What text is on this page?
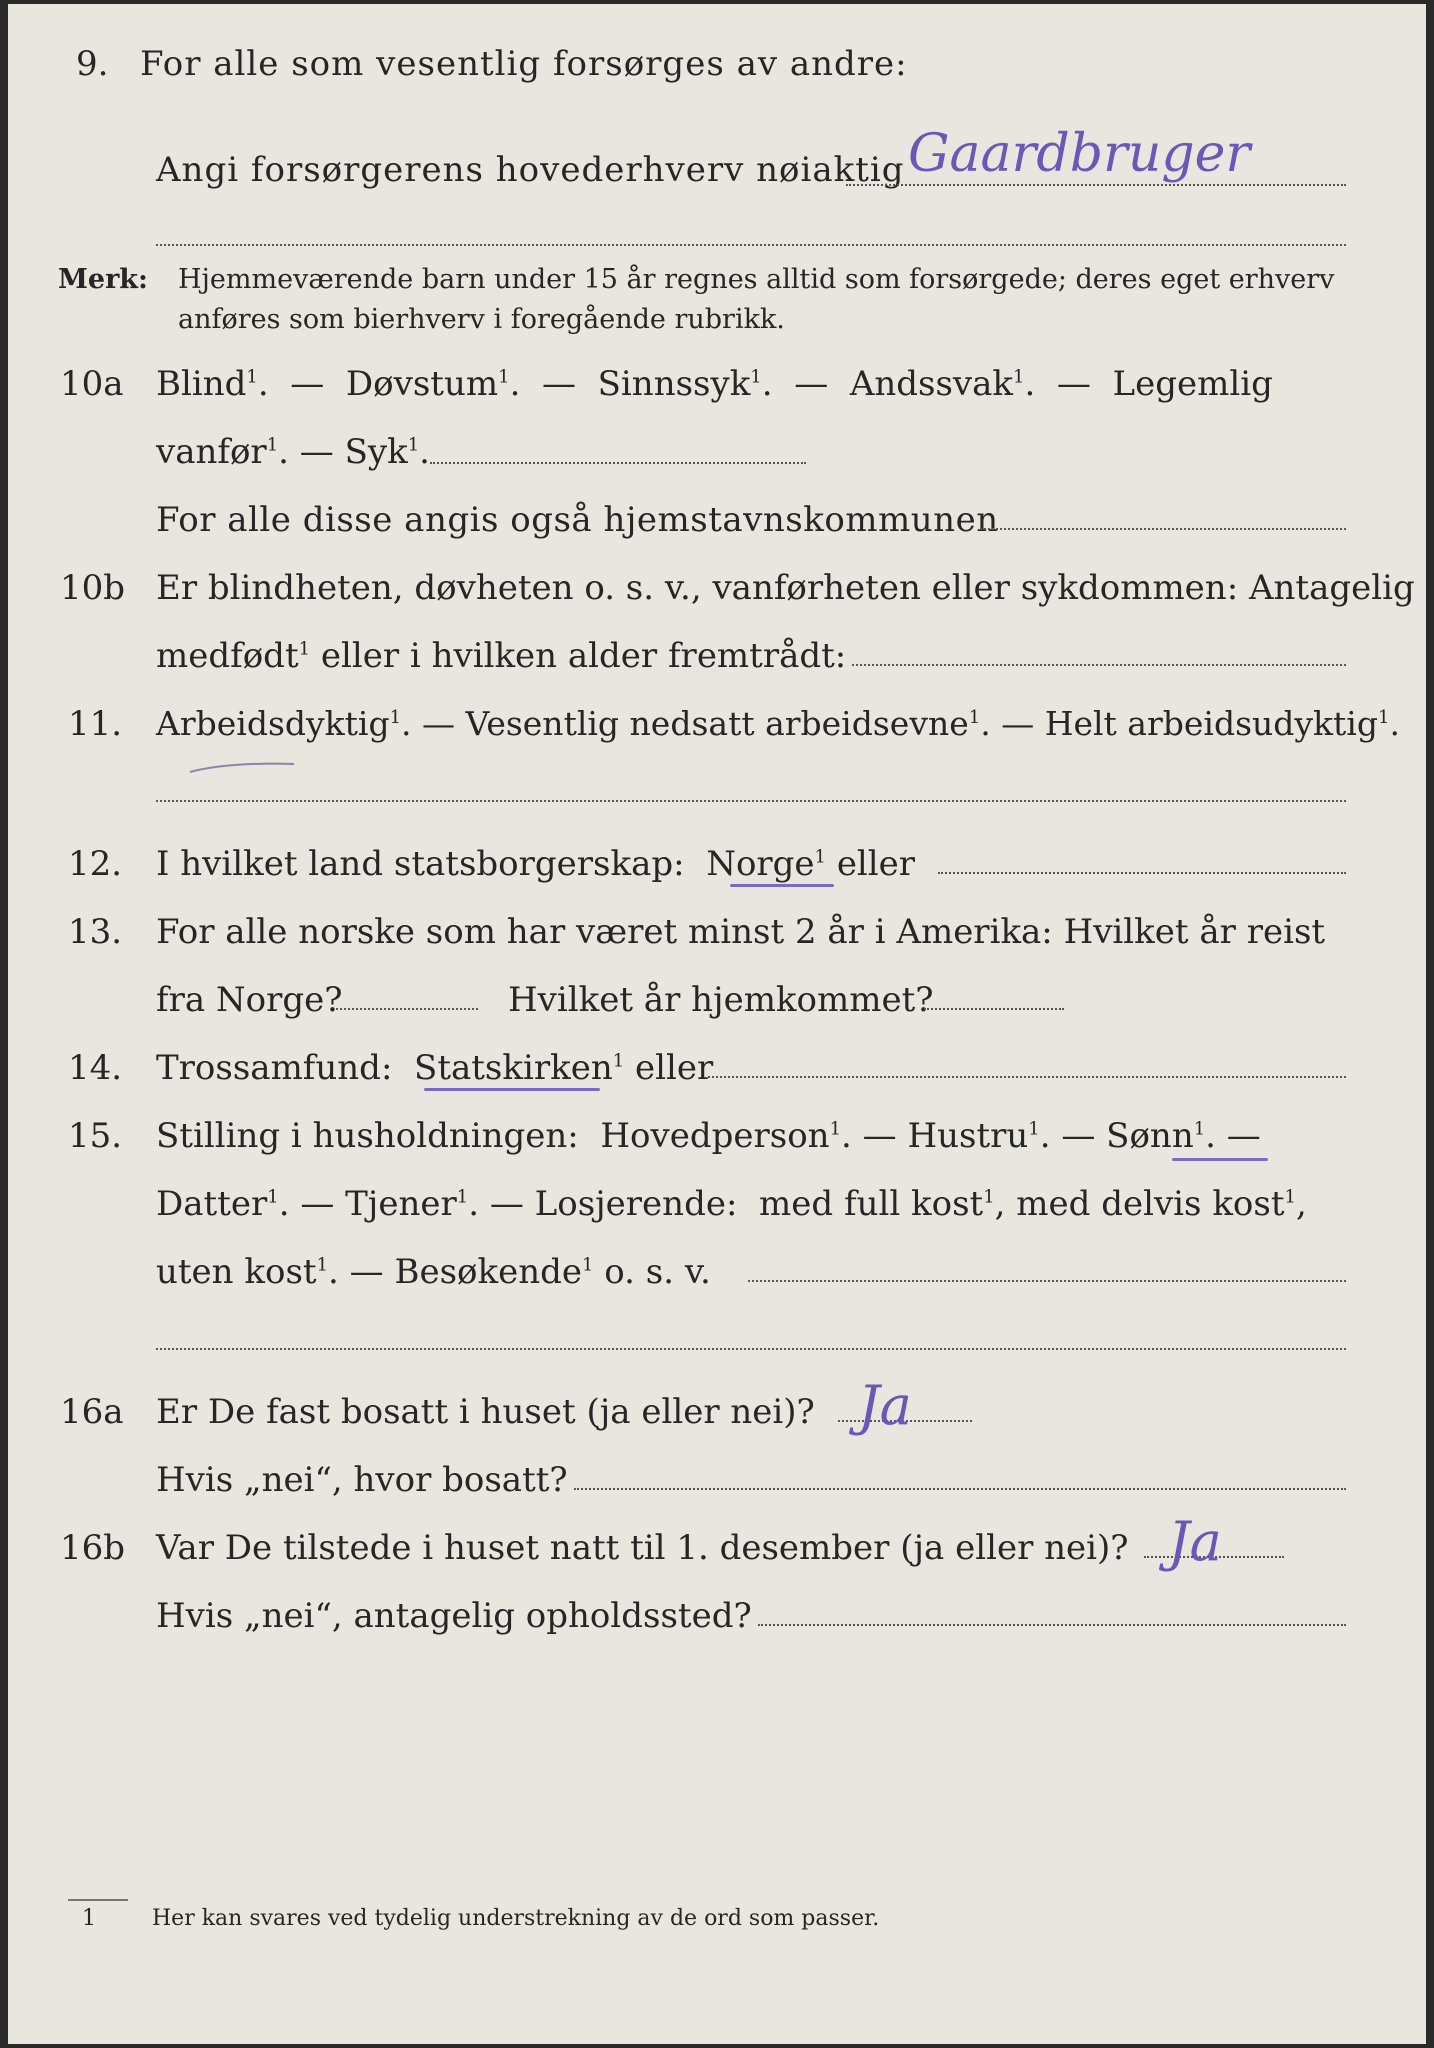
9. For alle som vesentlig forsørges av andre:
Angi forsørgerens hovederhverv nøiaktig Gaardbruger
Merk: Hjemmeværende barn under 15 år regnes alltid som forsørgede; deres eget erhverv
anføres som bierhverv i foregående rubrikk.
10a Blind$^1$.  — Døvstum$^1$.  — Sinnssyk$^1$.  — Andssvak$^1$.  — Legemlig
vanfør$^1$. — Syk$^1$.
For alle disse angis også hjemstavnskommunen
10b Er blindheten, døvheten o. s. v., vanførheten eller sykdommen: Antagelig
medfødt$^1$ eller i hvilken alder fremtrådt:
11. Arbeidsdyktig$^1$. — Vesentlig nedsatt arbeidsevne$^1$. — Helt arbeidsudyktig$^1$.
12. I hvilket land statsborgerskap: Norge$^1$ eller
13. For alle norske som har været minst 2 år i Amerika: Hvilket år reist
fra Norge?	Hvilket år hjemkommet?
14. Trossamfund: Statskirken$^1$ eller
15. Stilling i husholdningen: Hovedperson$^1$. — Hustru$^1$. — Sønn$^1$. —
Datter$^1$. — Tjener$^1$. — Losjerende: med full kost$^1$, med delvis kost$^1$,
uten kost$^1$. — Besøkende$^1$ o. s. v.
16a Er De fast bosatt i huset (ja eller nei)? Ja
Hvis „nei“, hvor bosatt?
16b Var De tilstede i huset natt til 1. desember (ja eller nei)? Ja
Hvis „nei“, antagelig opholdssted?
1	Her kan svares ved tydelig understrekning av de ord som passer.
